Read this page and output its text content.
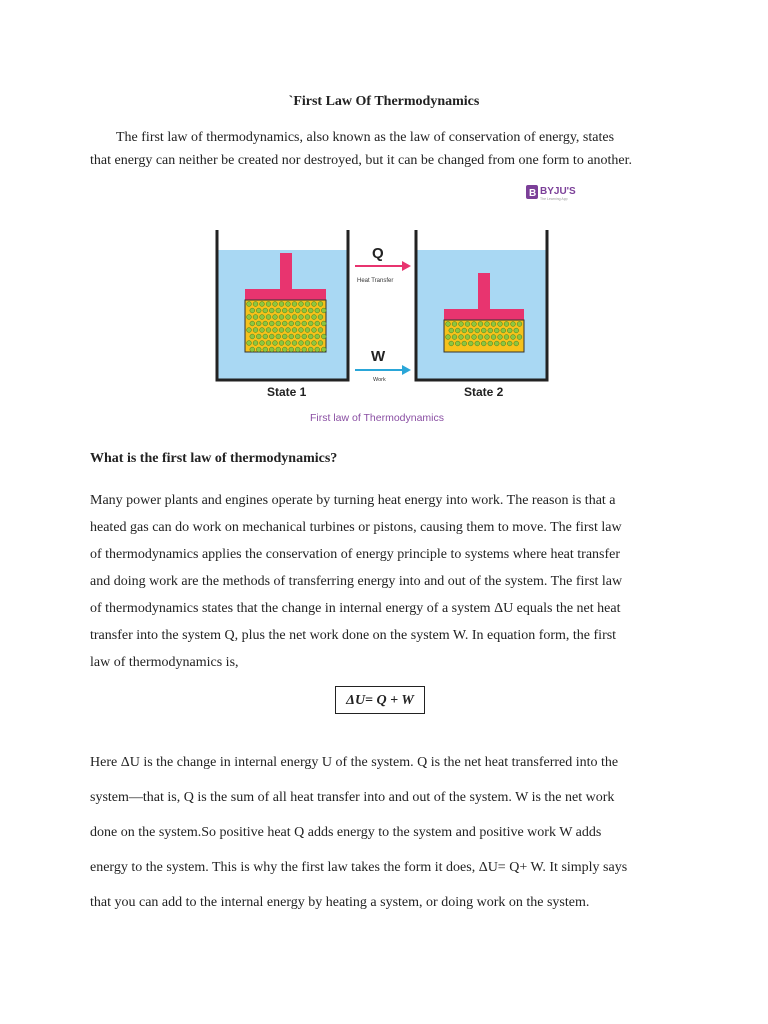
`First Law Of Thermodynamics
The first law of thermodynamics, also known as the law of conservation of energy, states
that energy can neither be created nor destroyed, but it can be changed from one form to another.
B BYJU'S
The Learning App
Q
Heat Transfer
W
Work
State 1	State 2
First law of Thermodynamics
What is the first law of thermodynamics?
Many power plants and engines operate by turning heat energy into work. The reason is that a
heated gas can do work on mechanical turbines or pistons, causing them to move. The first law
of thermodynamics applies the conservation of energy principle to systems where heat transfer
and doing work are the methods of transferring energy into and out of the system. The first law
of thermodynamics states that the change in internal energy of a system ΔU equals the net heat
transfer into the system Q, plus the net work done on the system W. In equation form, the first
law of thermodynamics is,
ΔU= Q + W
Here ΔU is the change in internal energy U of the system. Q is the net heat transferred into the
system—that is, Q is the sum of all heat transfer into and out of the system. W is the net work
done on the system.So positive heat Q adds energy to the system and positive work W adds
energy to the system. This is why the first law takes the form it does, ΔU= Q+ W. It simply says
that you can add to the internal energy by heating a system, or doing work on the system.
